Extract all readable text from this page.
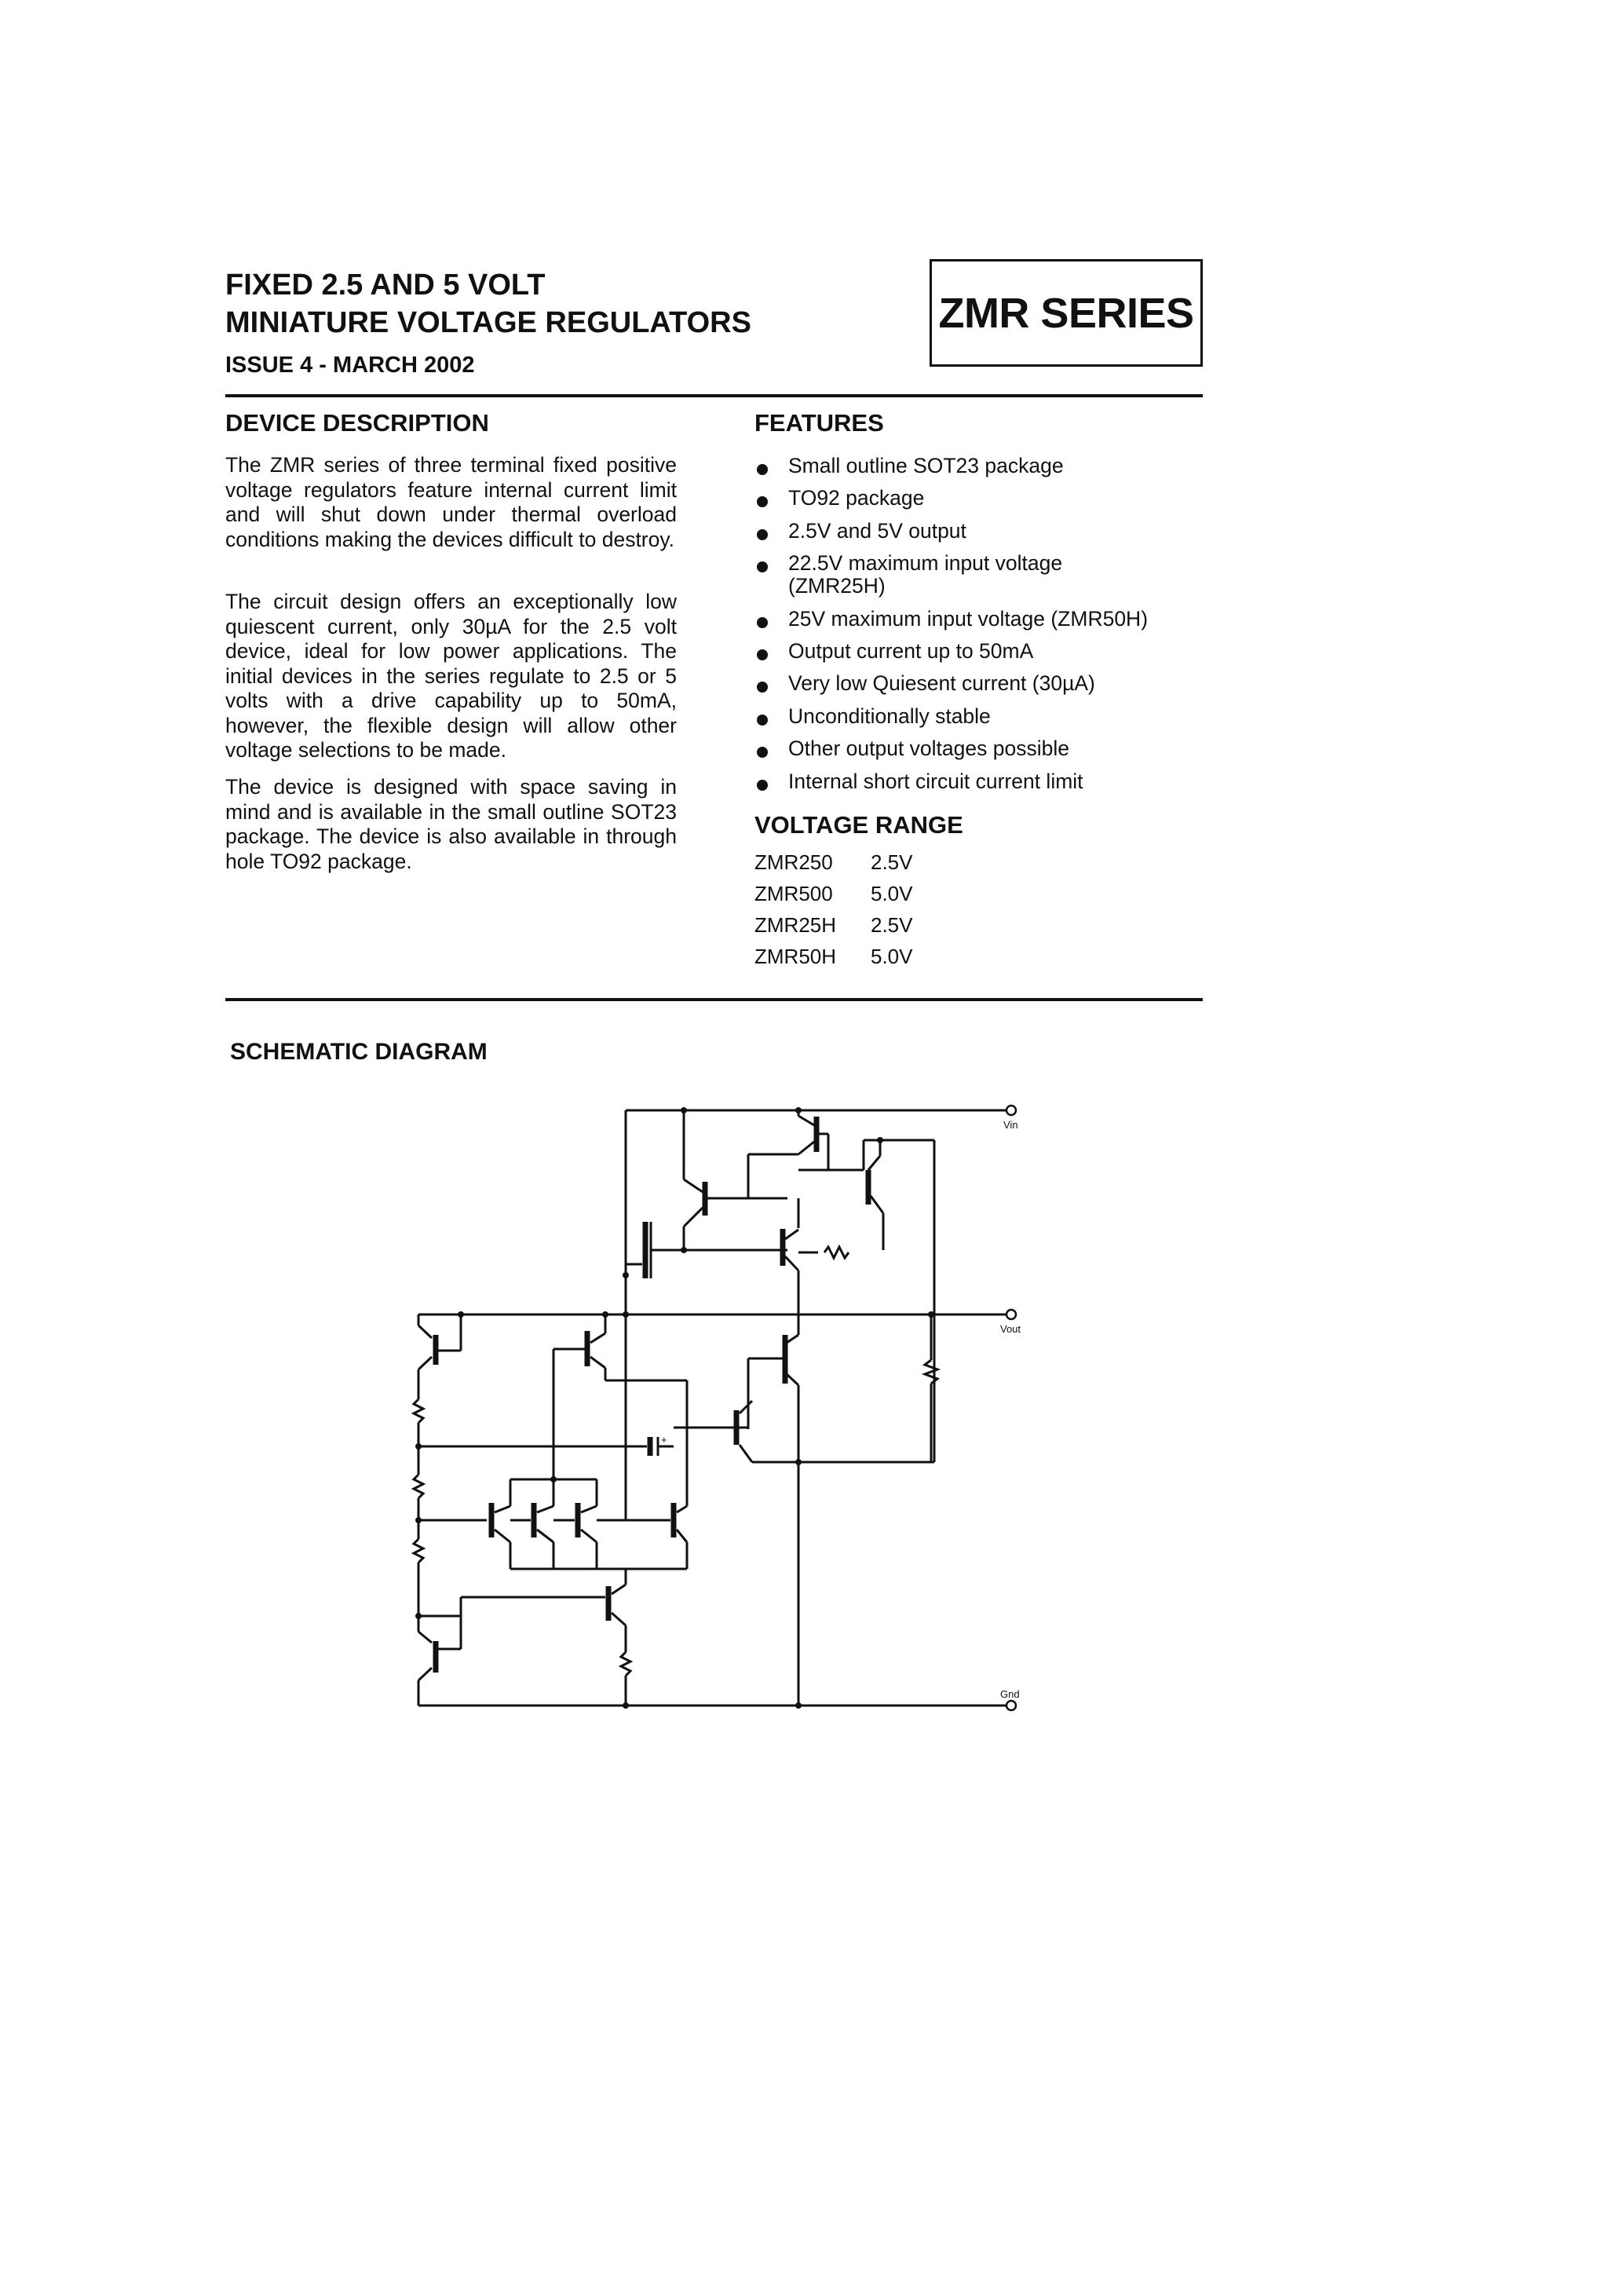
FIXED 2.5 AND 5 VOLT
MINIATURE VOLTAGE REGULATORS
ISSUE 4 - MARCH 2002
ZMR SERIES
DEVICE DESCRIPTION
The ZMR series of three terminal fixed positive voltage regulators feature internal current limit and will shut down under thermal overload conditions making the devices difficult to destroy.
The circuit design offers an exceptionally low quiescent current, only 30µA for the 2.5 volt device, ideal for low power applications. The initial devices in the series regulate to 2.5 or 5 volts with a drive capability up to 50mA, however, the flexible design will allow other voltage selections to be made.
The device is designed with space saving in mind and is available in the small outline SOT23 package. The device is also available in through hole TO92 package.
FEATURES
Small outline SOT23 package
TO92 package
2.5V and 5V output
22.5V maximum input voltage (ZMR25H)
25V maximum input voltage (ZMR50H)
Output current up to 50mA
Very low Quiesent current (30µA)
Unconditionally stable
Other output voltages possible
Internal short circuit current limit
VOLTAGE RANGE
ZMR250	2.5V
ZMR500	5.0V
ZMR25H	2.5V
ZMR50H	5.0V
SCHEMATIC DIAGRAM
Vin
Vout
Gnd
+
